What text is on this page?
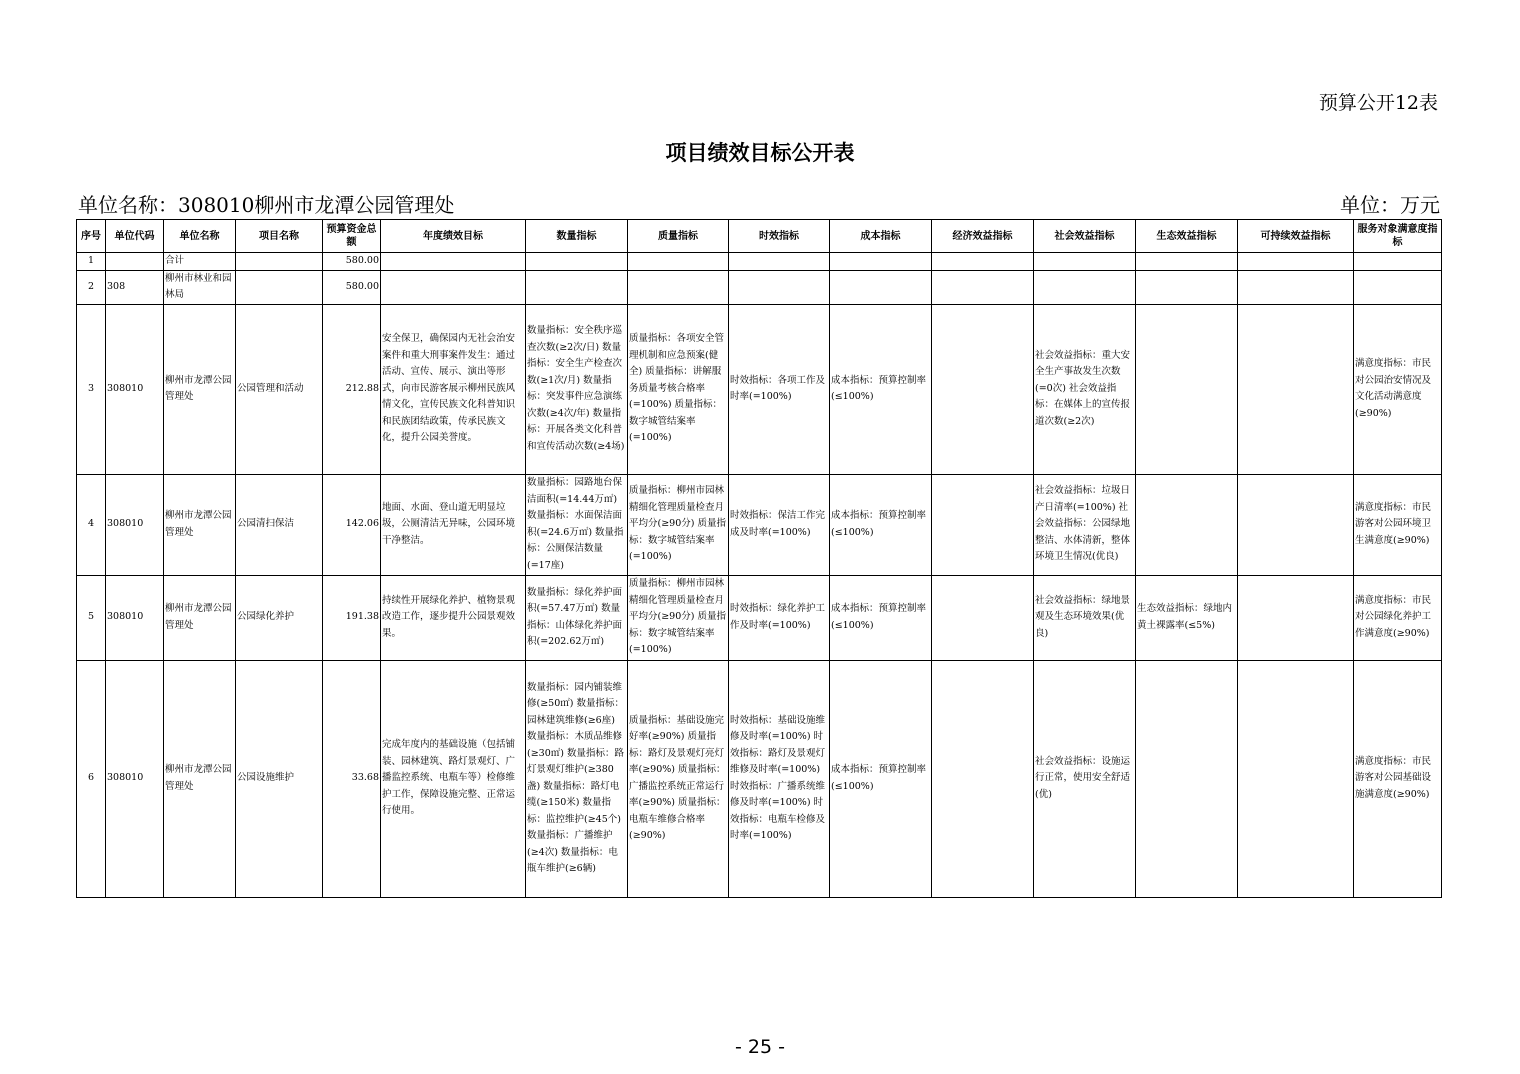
预算公开12表
项目绩效目标公开表
单位名称：308010柳州市龙潭公园管理处	单位：万元
序号	单位代码	单位名称	项目名称	预算资金总额	年度绩效目标	数量指标	质量指标	时效指标	成本指标	经济效益指标	社会效益指标	生态效益指标	可持续效益指标	服务对象满意度指标
1		合计		580.00										
2	308	柳州市林业和园林局		580.00										
3	308010	柳州市龙潭公园管理处	公园管理和活动	212.88	安全保卫，确保园内无社会治安案件和重大刑事案件发生：通过活动、宣传、展示、演出等形式，向市民游客展示柳州民族风情文化，宣传民族文化科普知识和民族团结政策，传承民族文化，提升公园美誉度。	数量指标：安全秩序巡查次数(≥2次/日) 数量指标：安全生产检查次数(≥1次/月) 数量指标：突发事件应急演练次数(≥4次/年) 数量指标：开展各类文化科普和宣传活动次数(≥4场)	质量指标：各项安全管理机制和应急预案(健全) 质量指标：讲解服务质量考核合格率(=100%) 质量指标：数字城管结案率(=100%)	时效指标：各项工作及时率(=100%)	成本指标：预算控制率(≤100%)		社会效益指标：重大安全生产事故发生次数(=0次) 社会效益指标：在媒体上的宣传报道次数(≥2次)			满意度指标：市民对公园治安情况及文化活动满意度(≥90%)
4	308010	柳州市龙潭公园管理处	公园清扫保洁	142.06	地面、水面、登山道无明显垃圾，公厕清洁无异味，公园环境干净整洁。	数量指标：园路地台保洁面积(=14.44万㎡) 数量指标：水面保洁面积(=24.6万㎡) 数量指标：公厕保洁数量(=17座)	质量指标：柳州市园林精细化管理质量检查月平均分(≥90分) 质量指标：数字城管结案率(=100%)	时效指标：保洁工作完成及时率(=100%)	成本指标：预算控制率(≤100%)		社会效益指标：垃圾日产日清率(=100%) 社会效益指标：公园绿地整洁、水体清新，整体环境卫生情况(优良)			满意度指标：市民游客对公园环境卫生满意度(≥90%)
5	308010	柳州市龙潭公园管理处	公园绿化养护	191.38	持续性开展绿化养护、植物景观改造工作，逐步提升公园景观效果。	数量指标：绿化养护面积(=57.47万㎡) 数量指标：山体绿化养护面积(=202.62万㎡)	质量指标：柳州市园林精细化管理质量检查月平均分(≥90分) 质量指标：数字城管结案率(=100%)	时效指标：绿化养护工作及时率(=100%)	成本指标：预算控制率(≤100%)		社会效益指标：绿地景观及生态环境效果(优良)	生态效益指标：绿地内黄土裸露率(≤5%)		满意度指标：市民对公园绿化养护工作满意度(≥90%)
6	308010	柳州市龙潭公园管理处	公园设施维护	33.68	完成年度内的基础设施（包括铺装、园林建筑、路灯景观灯、广播监控系统、电瓶车等）检修维护工作，保障设施完整、正常运行使用。	数量指标：园内铺装维修(≥50㎡) 数量指标：园林建筑维修(≥6座) 数量指标：木质品维修(≥30㎡) 数量指标：路灯景观灯维护(≥380盏) 数量指标：路灯电缆(≥150米) 数量指标：监控维护(≥45个) 数量指标：广播维护(≥4次) 数量指标：电瓶车维护(≥6辆)	质量指标：基础设施完好率(≥90%) 质量指标：路灯及景观灯亮灯率(≥90%) 质量指标：广播监控系统正常运行率(≥90%) 质量指标：电瓶车维修合格率(≥90%)	时效指标：基础设施维修及时率(=100%) 时效指标：路灯及景观灯维修及时率(=100%) 时效指标：广播系统维修及时率(=100%) 时效指标：电瓶车检修及时率(=100%)	成本指标：预算控制率(≤100%)		社会效益指标：设施运行正常，使用安全舒适(优)			满意度指标：市民游客对公园基础设施满意度(≥90%)
- 25 -
